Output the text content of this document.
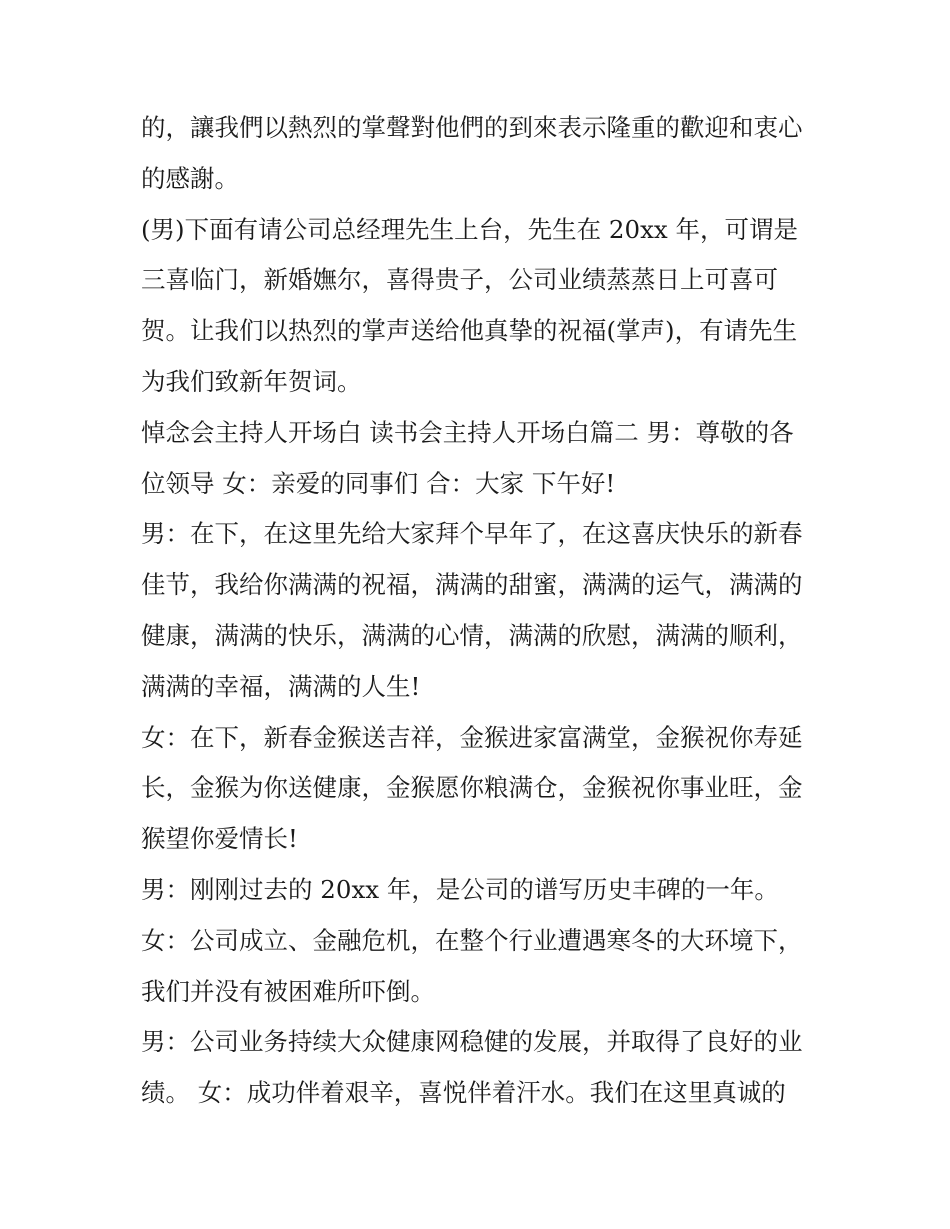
的，讓我們以熱烈的掌聲對他們的到來表示隆重的歡迎和衷心
的感謝。
(男)下面有请公司总经理先生上台，先生在 20xx 年，可谓是
三喜临门，新婚嫵尔，喜得贵子，公司业绩蒸蒸日上可喜可
贺。让我们以热烈的掌声送给他真挚的祝福(掌声)，有请先生
为我们致新年贺词。
悼念会主持人开场白 读书会主持人开场白篇二 男：尊敬的各
位领导 女：亲爱的同事们 合：大家 下午好!
男：在下，在这里先给大家拜个早年了，在这喜庆快乐的新春
佳节，我给你满满的祝福，满满的甜蜜，满满的运气，满满的
健康，满满的快乐，满满的心情，满满的欣慰，满满的顺利，
满满的幸福，满满的人生!
女：在下，新春金猴送吉祥，金猴进家富满堂，金猴祝你寿延
长，金猴为你送健康，金猴愿你粮满仓，金猴祝你事业旺，金
猴望你爱情长!
男：刚刚过去的 20xx 年，是公司的谱写历史丰碑的一年。
女：公司成立、金融危机，在整个行业遭遇寒冬的大环境下，
我们并没有被困难所吓倒。
男：公司业务持续大众健康网稳健的发展，并取得了良好的业
绩。 女：成功伴着艰辛，喜悦伴着汗水。我们在这里真诚的
